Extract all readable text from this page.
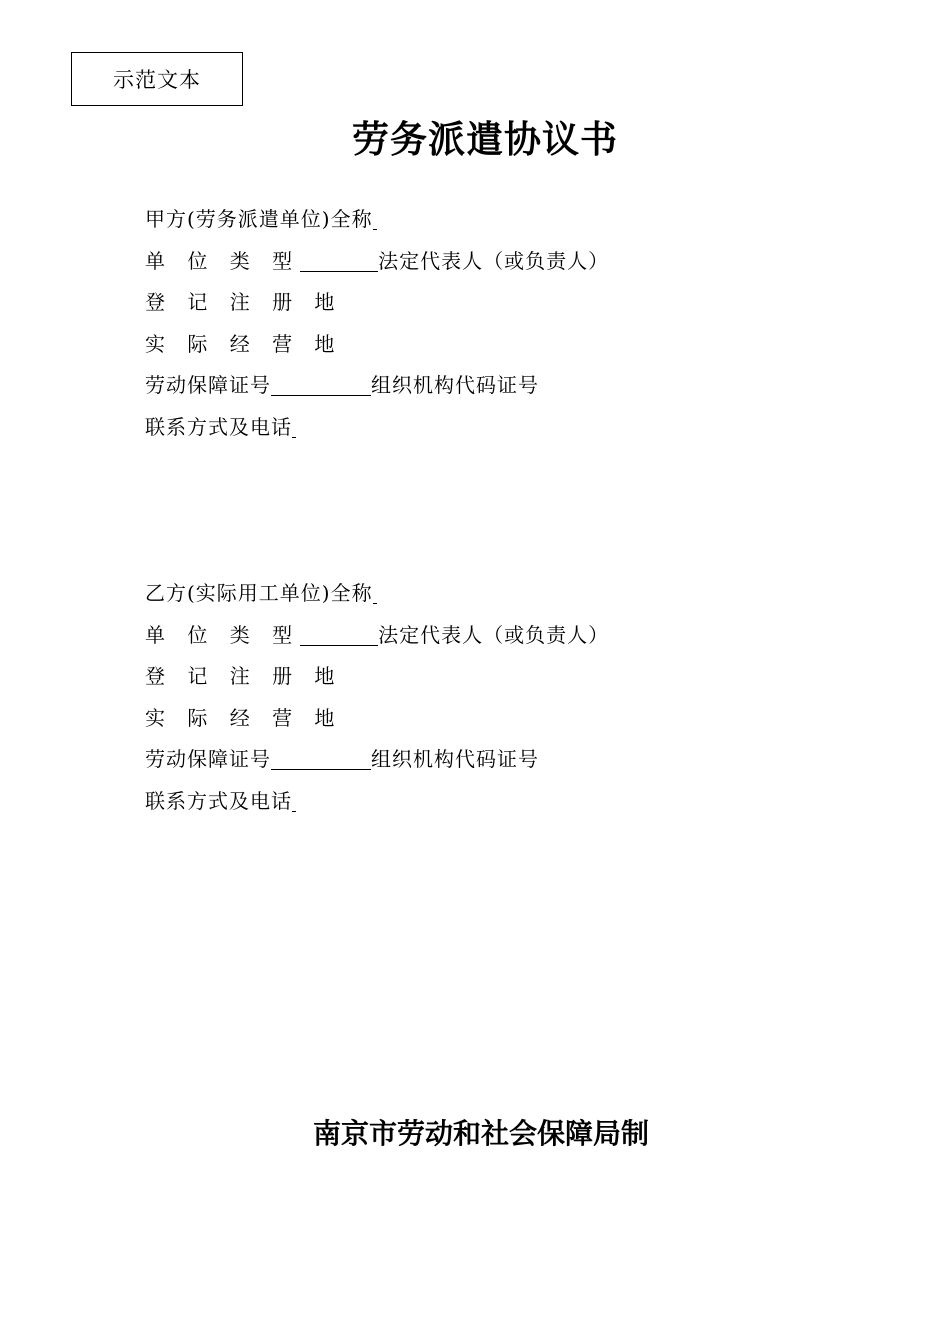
示范文本
劳务派遣协议书
甲方(劳务派遣单位)全称
单 位 类 型	法定代表人（或负责人）
登 记 注 册 地
实 际 经 营 地
劳动保障证号	组织机构代码证号
联系方式及电话
乙方(实际用工单位)全称
单 位 类 型	法定代表人（或负责人）
登 记 注 册 地
实 际 经 营 地
劳动保障证号	组织机构代码证号
联系方式及电话
南京市劳动和社会保障局制
